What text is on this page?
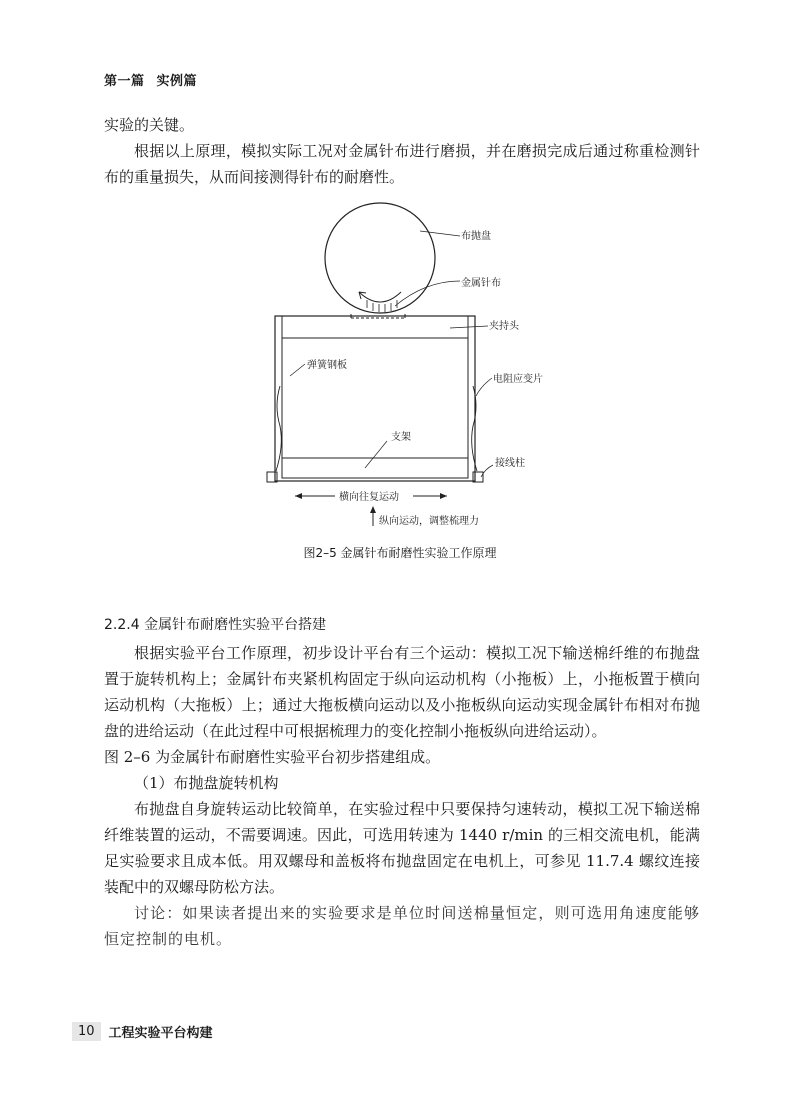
第一篇 实例篇

实验的关键。

根据以上原理，模拟实际工况对金属针布进行磨损，并在磨损完成后通过称重检测针布的重量损失，从而间接测得针布的耐磨性。

布抛盘
金属针布
夹持头
弹簧钢板
电阻应变片
支架
接线柱
横向往复运动
纵向运动，调整梳理力
图2–5 金属针布耐磨性实验工作原理
2.2.4 金属针布耐磨性实验平台搭建

根据实验平台工作原理，初步设计平台有三个运动：模拟工况下输送棉纤维的布抛盘置于旋转机构上；金属针布夹紧机构固定于纵向运动机构（小拖板）上，小拖板置于横向运动机构（大拖板）上；通过大拖板横向运动以及小拖板纵向运动实现金属针布相对布抛盘的进给运动（在此过程中可根据梳理力的变化控制小拖板纵向进给运动）。

图 2–6 为金属针布耐磨性实验平台初步搭建组成。

（1）布抛盘旋转机构

布抛盘自身旋转运动比较简单，在实验过程中只要保持匀速转动，模拟工况下输送棉纤维装置的运动，不需要调速。因此，可选用转速为 1440 r/min 的三相交流电机，能满足实验要求且成本低。用双螺母和盖板将布抛盘固定在电机上，可参见 11.7.4 螺纹连接装配中的双螺母防松方法。

讨论：如果读者提出来的实验要求是单位时间送棉量恒定，则可选用角速度能够恒定控制的电机。

10	工程实验平台构建
